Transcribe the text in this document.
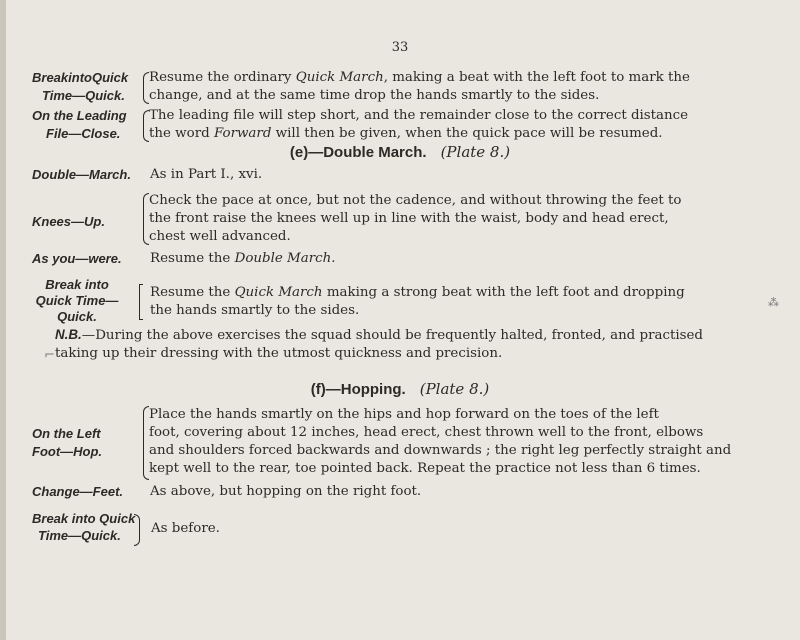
33
BreakintoQuick
Time—Quick.
Resume the ordinary Quick March, making a beat with the left foot to mark the
change, and at the same time drop the hands smartly to the sides.
On the Leading
File—Close.
The leading file will step short, and the remainder close to the correct distance
the word Forward will then be given, when the quick pace will be resumed.
(e)—Double March. (Plate 8.)
Double—March. As in Part I., xvi.
Knees—Up.
Check the pace at once, but not the cadence, and without throwing the feet to
the front raise the knees well up in line with the waist, body and head erect,
chest well advanced.
As you—were. Resume the Double March.
Break into
Quick Time—
Quick.
Resume the Quick March making a strong beat with the left foot and dropping
the hands smartly to the sides.
N.B.—During the above exercises the squad should be frequently halted, fronted, and practised
taking up their dressing with the utmost quickness and precision.
(f)—Hopping. (Plate 8.)
On the Left
Foot—Hop.
Place the hands smartly on the hips and hop forward on the toes of the left
foot, covering about 12 inches, head erect, chest thrown well to the front, elbows
and shoulders forced backwards and downwards ; the right leg perfectly straight and
kept well to the rear, toe pointed back. Repeat the practice not less than 6 times.
Change—Feet. As above, but hopping on the right foot.
Break into Quick
Time—Quick.	As before.
⁂
⌐
